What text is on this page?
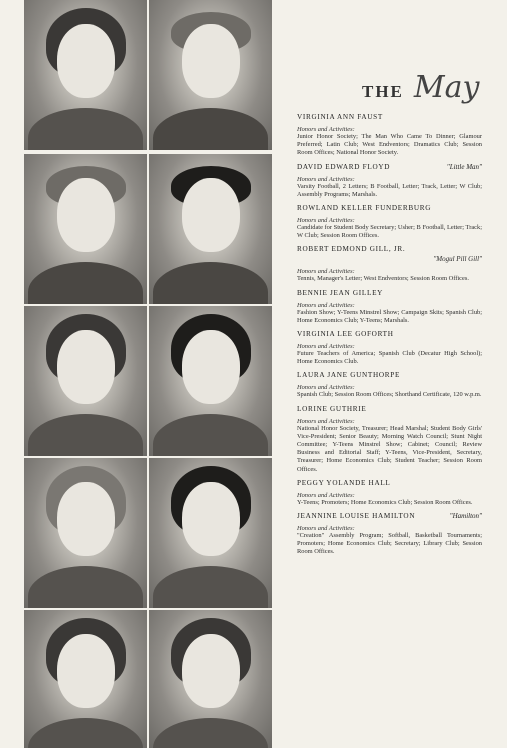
THE May
VIRGINIA ANN FAUST
Honors and Activities:
Junior Honor Society; The Man Who Came To Dinner; Glamour Preferred; Latin Club; West Endventors; Dramatics Club; Session Room Offices; National Honor Society.
DAVID EDWARD FLOYD	"Little Man"
Honors and Activities:
Varsity Football, 2 Letters; B Football, Letter; Track, Letter; W Club; Assembly Programs; Marshals.
ROWLAND KELLER FUNDERBURG
Honors and Activities:
Candidate for Student Body Secretary; Usher; B Football, Letter; Track; W Club; Session Room Offices.
ROBERT EDMOND GILL, JR.
"Mogul Pill Gill"
Honors and Activities:
Tennis, Manager's Letter; West Endventors; Session Room Offices.
BENNIE JEAN GILLEY
Honors and Activities:
Fashion Show; Y-Teens Minstrel Show; Campaign Skits; Spanish Club; Home Economics Club; Y-Teens; Marshals.
VIRGINIA LEE GOFORTH
Honors and Activities:
Future Teachers of America; Spanish Club (Decatur High School); Home Economics Club.
LAURA JANE GUNTHORPE
Honors and Activities:
Spanish Club; Session Room Offices; Shorthand Certificate, 120 w.p.m.
LORINE GUTHRIE
Honors and Activities:
National Honor Society, Treasurer; Head Marshal; Student Body Girls' Vice-President; Senior Beauty; Morning Watch Council; Stunt Night Committee; Y-Teens Minstrel Show; Cabinet; Council; Review Business and Editorial Staff; Y-Teens, Vice-President, Secretary, Treasurer; Home Economics Club; Student Teacher; Session Room Offices.
PEGGY YOLANDE HALL
Honors and Activities:
Y-Teens; Promoters; Home Economics Club; Session Room Offices.
JEANNINE LOUISE HAMILTON	"Hamilton"
Honors and Activities:
"Creation" Assembly Program; Softball, Basketball Tournaments; Promoters; Home Economics Club; Secretary; Library Club; Session Room Offices.
